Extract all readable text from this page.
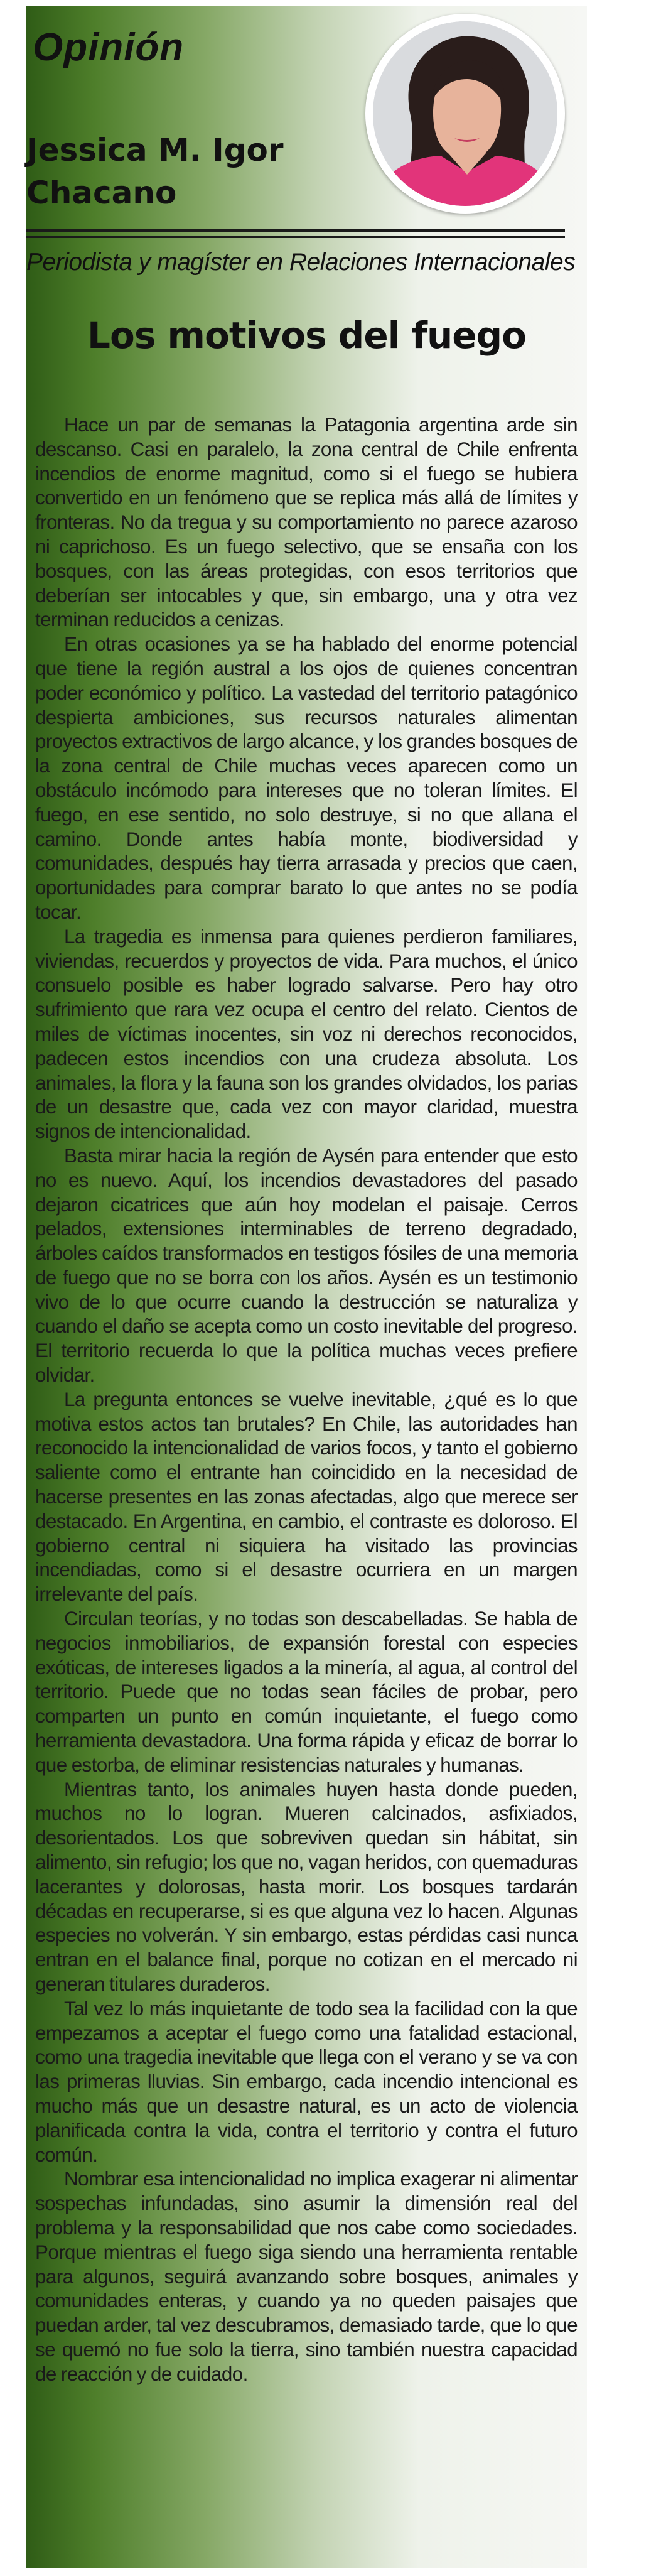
Opinión
Jessica M. Igor Chacano

Periodista y magíster en Relaciones Internacionales

Los motivos del fuego

Hace un par de semanas la Patagonia argentina arde sin descanso. Casi en paralelo, la zona central de Chile enfrenta incendios de enorme magnitud, como si el fuego se hubiera convertido en un fenómeno que se replica más allá de límites y fronteras. No da tregua y su comportamiento no parece azaroso ni caprichoso. Es un fuego selectivo, que se ensaña con los bosques, con las áreas protegidas, con esos territorios que deberían ser intocables y que, sin embargo, una y otra vez terminan reducidos a cenizas.

En otras ocasiones ya se ha hablado del enorme potencial que tiene la región austral a los ojos de quienes concentran poder económico y político. La vastedad del territorio patagónico despierta ambiciones, sus recursos naturales alimentan proyectos extractivos de largo alcance, y los grandes bosques de la zona central de Chile muchas veces aparecen como un obstáculo incómodo para intereses que no toleran límites. El fuego, en ese sentido, no solo destruye, si no que allana el camino. Donde antes había monte, biodiversidad y comunidades, después hay tierra arrasada y precios que caen, oportunidades para comprar barato lo que antes no se podía tocar.

La tragedia es inmensa para quienes perdieron familiares, viviendas, recuerdos y proyectos de vida. Para muchos, el único consuelo posible es haber logrado salvarse. Pero hay otro sufrimiento que rara vez ocupa el centro del relato. Cientos de miles de víctimas inocentes, sin voz ni derechos reconocidos, padecen estos incendios con una crudeza absoluta. Los animales, la flora y la fauna son los grandes olvidados, los parias de un desastre que, cada vez con mayor claridad, muestra signos de intencionalidad.

Basta mirar hacia la región de Aysén para entender que esto no es nuevo. Aquí, los incendios devastadores del pasado dejaron cicatrices que aún hoy modelan el paisaje. Cerros pelados, extensiones interminables de terreno degradado, árboles caídos transformados en testigos fósiles de una memoria de fuego que no se borra con los años. Aysén es un testimonio vivo de lo que ocurre cuando la destrucción se naturaliza y cuando el daño se acepta como un costo inevitable del progreso. El territorio recuerda lo que la política muchas veces prefiere olvidar.

La pregunta entonces se vuelve inevitable, ¿qué es lo que motiva estos actos tan brutales? En Chile, las autoridades han reconocido la intencionalidad de varios focos, y tanto el gobierno saliente como el entrante han coincidido en la necesidad de hacerse presentes en las zonas afectadas, algo que merece ser destacado. En Argentina, en cambio, el contraste es doloroso. El gobierno central ni siquiera ha visitado las provincias incendiadas, como si el desastre ocurriera en un margen irrelevante del país.

Circulan teorías, y no todas son descabelladas. Se habla de negocios inmobiliarios, de expansión forestal con especies exóticas, de intereses ligados a la minería, al agua, al control del territorio. Puede que no todas sean fáciles de probar, pero comparten un punto en común inquietante, el fuego como herramienta devastadora. Una forma rápida y eficaz de borrar lo que estorba, de eliminar resistencias naturales y humanas.

Mientras tanto, los animales huyen hasta donde pueden, muchos no lo logran. Mueren calcinados, asfixiados, desorientados. Los que sobreviven quedan sin hábitat, sin alimento, sin refugio; los que no, vagan heridos, con quemaduras lacerantes y dolorosas, hasta morir. Los bosques tardarán décadas en recuperarse, si es que alguna vez lo hacen. Algunas especies no volverán. Y sin embargo, estas pérdidas casi nunca entran en el balance final, porque no cotizan en el mercado ni generan titulares duraderos.

Tal vez lo más inquietante de todo sea la facilidad con la que empezamos a aceptar el fuego como una fatalidad estacional, como una tragedia inevitable que llega con el verano y se va con las primeras lluvias. Sin embargo, cada incendio intencional es mucho más que un desastre natural, es un acto de violencia planificada contra la vida, contra el territorio y contra el futuro común.

Nombrar esa intencionalidad no implica exagerar ni alimentar sospechas infundadas, sino asumir la dimensión real del problema y la responsabilidad que nos cabe como sociedades. Porque mientras el fuego siga siendo una herramienta rentable para algunos, seguirá avanzando sobre bosques, animales y comunidades enteras, y cuando ya no queden paisajes que puedan arder, tal vez descubramos, demasiado tarde, que lo que se quemó no fue solo la tierra, sino también nuestra capacidad de reacción y de cuidado.
